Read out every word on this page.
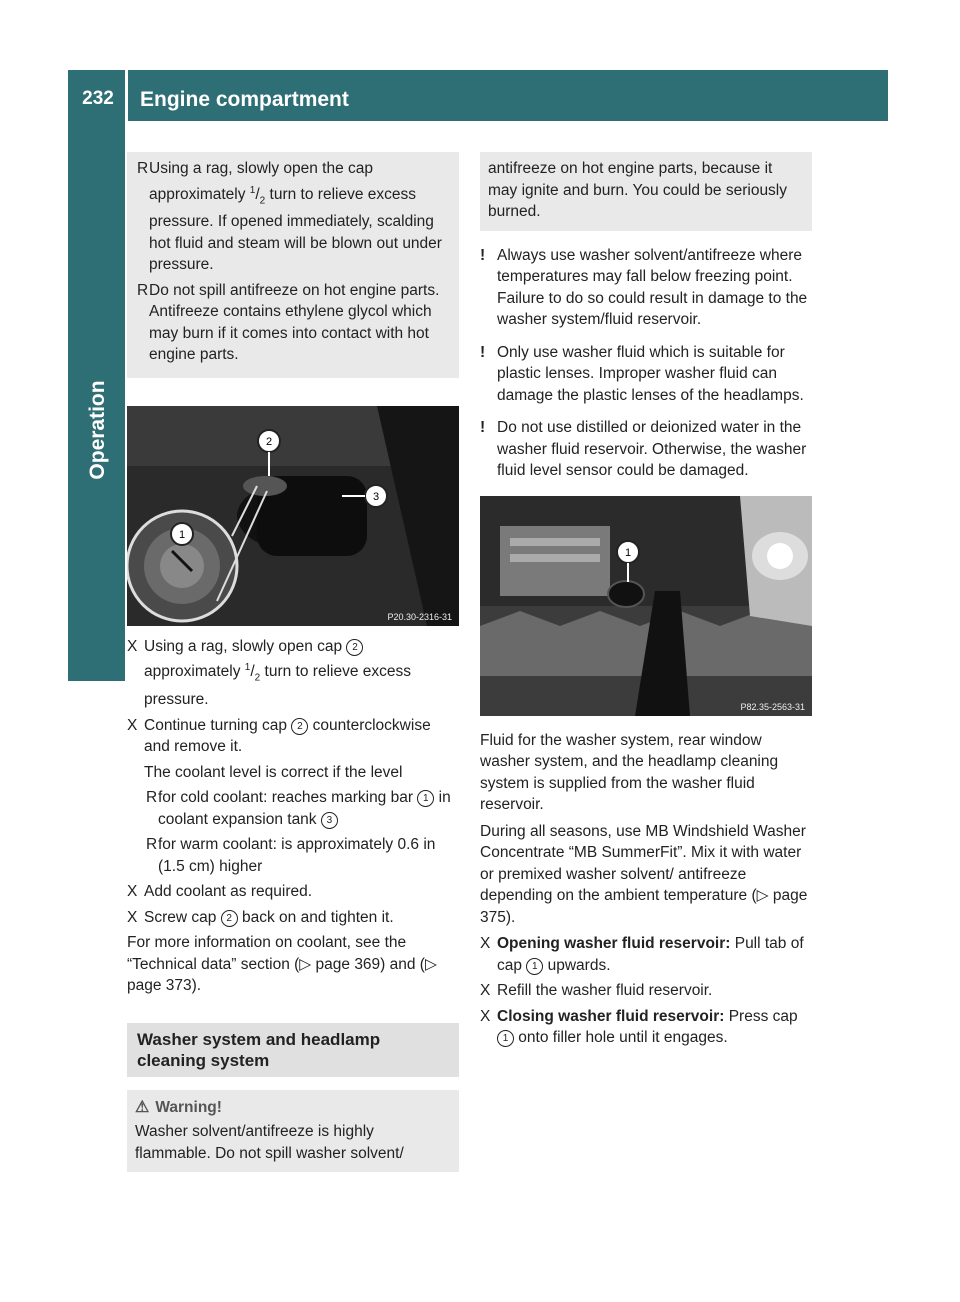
232	Engine compartment
Operation
R Using a rag, slowly open the cap approximately $^1/_2$ turn to relieve excess pressure. If opened immediately, scalding hot fluid and steam will be blown out under pressure.
R Do not spill antifreeze on hot engine parts. Antifreeze contains ethylene glycol which may burn if it comes into contact with hot engine parts.
2
3
1
P20.30-2316-31
X Using a rag, slowly open cap 2
approximately $^1/_2$ turn to relieve excess pressure.
X Continue turning cap 2 counterclockwise and remove it.
The coolant level is correct if the level
R for cold coolant: reaches marking bar 1 in coolant expansion tank 3
R for warm coolant: is approximately 0.6 in (1.5 cm) higher
X Add coolant as required.
X Screw cap 2 back on and tighten it.
For more information on coolant, see the “Technical data” section (▷ page 369) and (▷ page 373).
Washer system and headlamp cleaning system
⚠ Warning!
Washer solvent/antifreeze is highly flammable. Do not spill washer solvent/
antifreeze on hot engine parts, because it may ignite and burn. You could be seriously burned.
! Always use washer solvent/antifreeze where temperatures may fall below freezing point. Failure to do so could result in damage to the washer system/fluid reservoir.
! Only use washer fluid which is suitable for plastic lenses. Improper washer fluid can damage the plastic lenses of the headlamps.
! Do not use distilled or deionized water in the washer fluid reservoir. Otherwise, the washer fluid level sensor could be damaged.
1
P82.35-2563-31
Fluid for the washer system, rear window washer system, and the headlamp cleaning system is supplied from the washer fluid reservoir.
During all seasons, use MB Windshield Washer Concentrate “MB SummerFit”. Mix it with water or premixed washer solvent/ antifreeze depending on the ambient temperature (▷ page 375).
X Opening washer fluid reservoir: Pull tab of cap 1 upwards.
X Refill the washer fluid reservoir.
X Closing washer fluid reservoir: Press cap 1 onto filler hole until it engages.
